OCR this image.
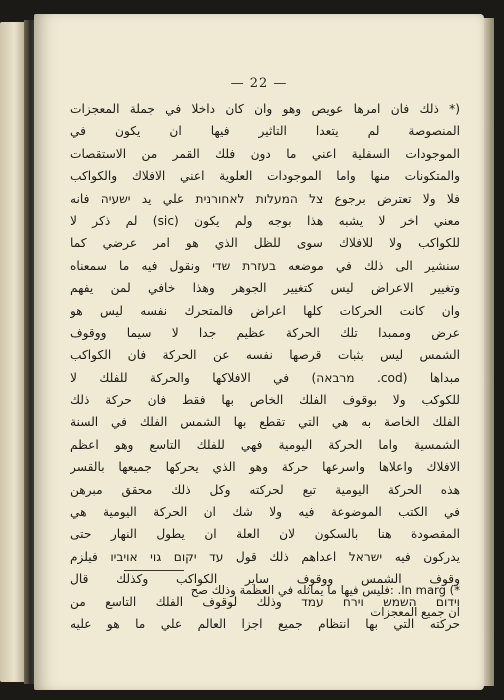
— 22 —
(* ذلك فان امرها عويص وهو وان كان داخلا في جملة المعجزات
المنصوصة لم يتعدا التاثير فيها ان يكون في
الموجودات السفلية اعني ما دون فلك القمر من الاستقصات
والمتكونات منها واما الموجودات العلوية اعني الافلاك والكواكب
فلا ولا تعترض برجوع צל המעלות לאחורנית علي يد ישעיה فانه
معني اخر لا يشبه هذا بوجه ولم يكون (sic) لم ذكر لا
للكواكب ولا للافلاك سوى للظل الذي هو امر عرضي كما
سنشير الى ذلك في موضعه בעזרת שדי ونقول فيه ما سمعناه
وتغيير الاعراض ليس كتغيير الجوهر وهذا خافي لمن يفهم
وان كانت الحركات كلها اعراض فالمتحرك نفسه ليس هو
عرض وممبدا تلك الحركة عظيم جدا لا سيما ووقوف
الشمس ليس بثبات قرصها نفسه عن الحركة فان الكواكب
مبداها (cod. מרבאה) في الافلاكها والحركة للفلك لا
للكوكب ولا بوقوف الفلك الخاص بها فقط فان حركة ذلك
الفلك الخاصة به هي التي تقطع بها الشمس الفلك في السنة
الشمسية واما الحركة اليومية فهي للفلك التاسع وهو اعظم
الافلاك واعلاها واسرعها حركة وهو الذي يحركها جميعها بالقسر
هذه الحركة اليومية تبع لحركته وكل ذلك محقق مبرهن
في الكتب الموضوعة فيه ولا شك ان الحركة اليومية هي
المقصودة هنا بالسكون لان العلة ان يطول النهار حتى
يدركون فيه ישראל اعداهم ذلك قول עד יקום גוי אויביו فيلزم
وقوف الشمس ووقوف ساير الكواكب وكذلك قال
וידום השמש וירח עמד وذلك لوقوف الفلك التاسع من
حركته التي بها انتظام جميع اجزا العالم علي ما هو عليه
*) In marg. :فليس فيها ما يماثله في العظمة وذلك صح
ان جميع المعجزات
